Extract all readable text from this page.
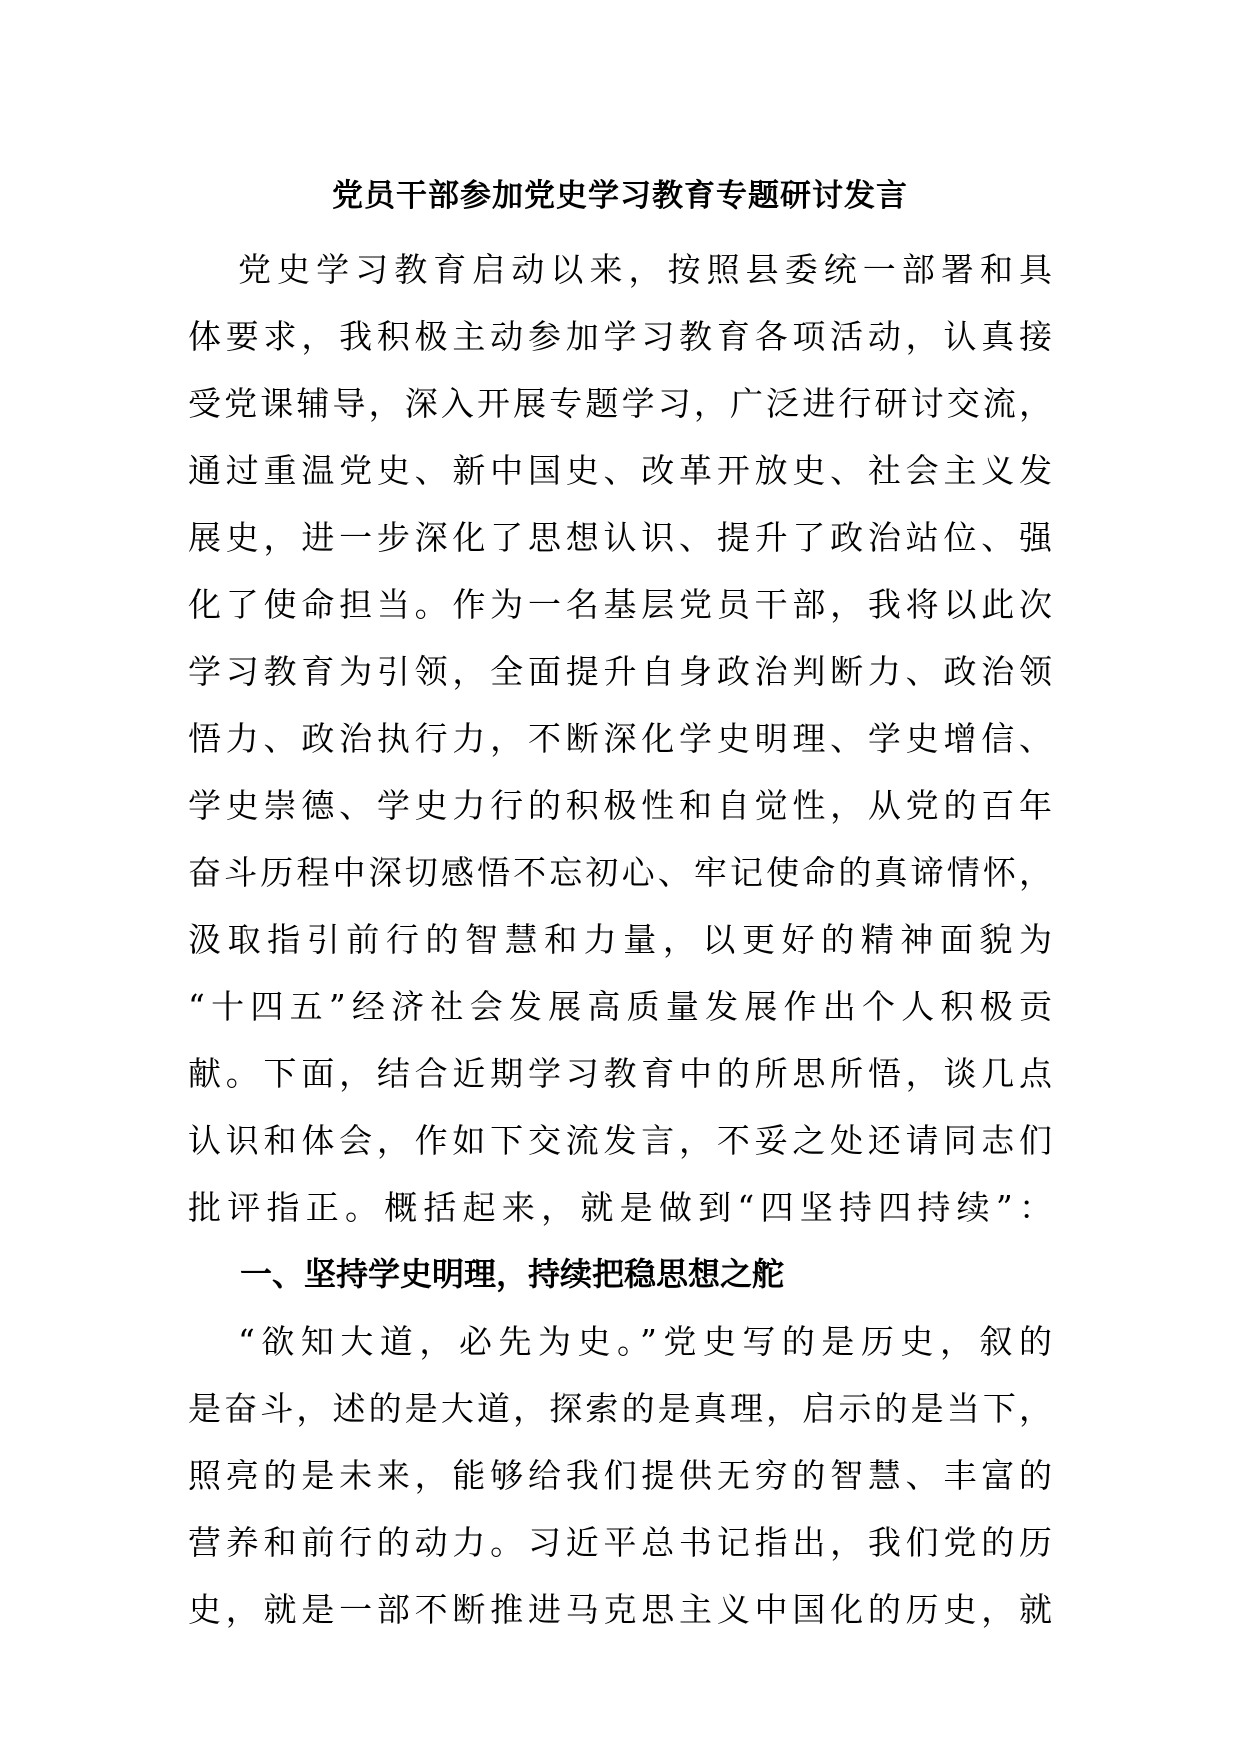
党员干部参加党史学习教育专题研讨发言
党史学习教育启动以来，按照县委统一部署和具
体要求，我积极主动参加学习教育各项活动，认真接
受党课辅导，深入开展专题学习，广泛进行研讨交流，
通过重温党史、新中国史、改革开放史、社会主义发
展史，进一步深化了思想认识、提升了政治站位、强
化了使命担当。作为一名基层党员干部，我将以此次
学习教育为引领，全面提升自身政治判断力、政治领
悟力、政治执行力，不断深化学史明理、学史增信、
学史崇德、学史力行的积极性和自觉性，从党的百年
奋斗历程中深切感悟不忘初心、牢记使命的真谛情怀，
汲取指引前行的智慧和力量，以更好的精神面貌为
“十四五”经济社会发展高质量发展作出个人积极贡
献。下面，结合近期学习教育中的所思所悟，谈几点
认识和体会，作如下交流发言，不妥之处还请同志们
批评指正。概括起来，就是做到“四坚持四持续”：
一、坚持学史明理，持续把稳思想之舵
“欲知大道，必先为史。”党史写的是历史，叙的
是奋斗，述的是大道，探索的是真理，启示的是当下，
照亮的是未来，能够给我们提供无穷的智慧、丰富的
营养和前行的动力。习近平总书记指出，我们党的历
史，就是一部不断推进马克思主义中国化的历史，就
